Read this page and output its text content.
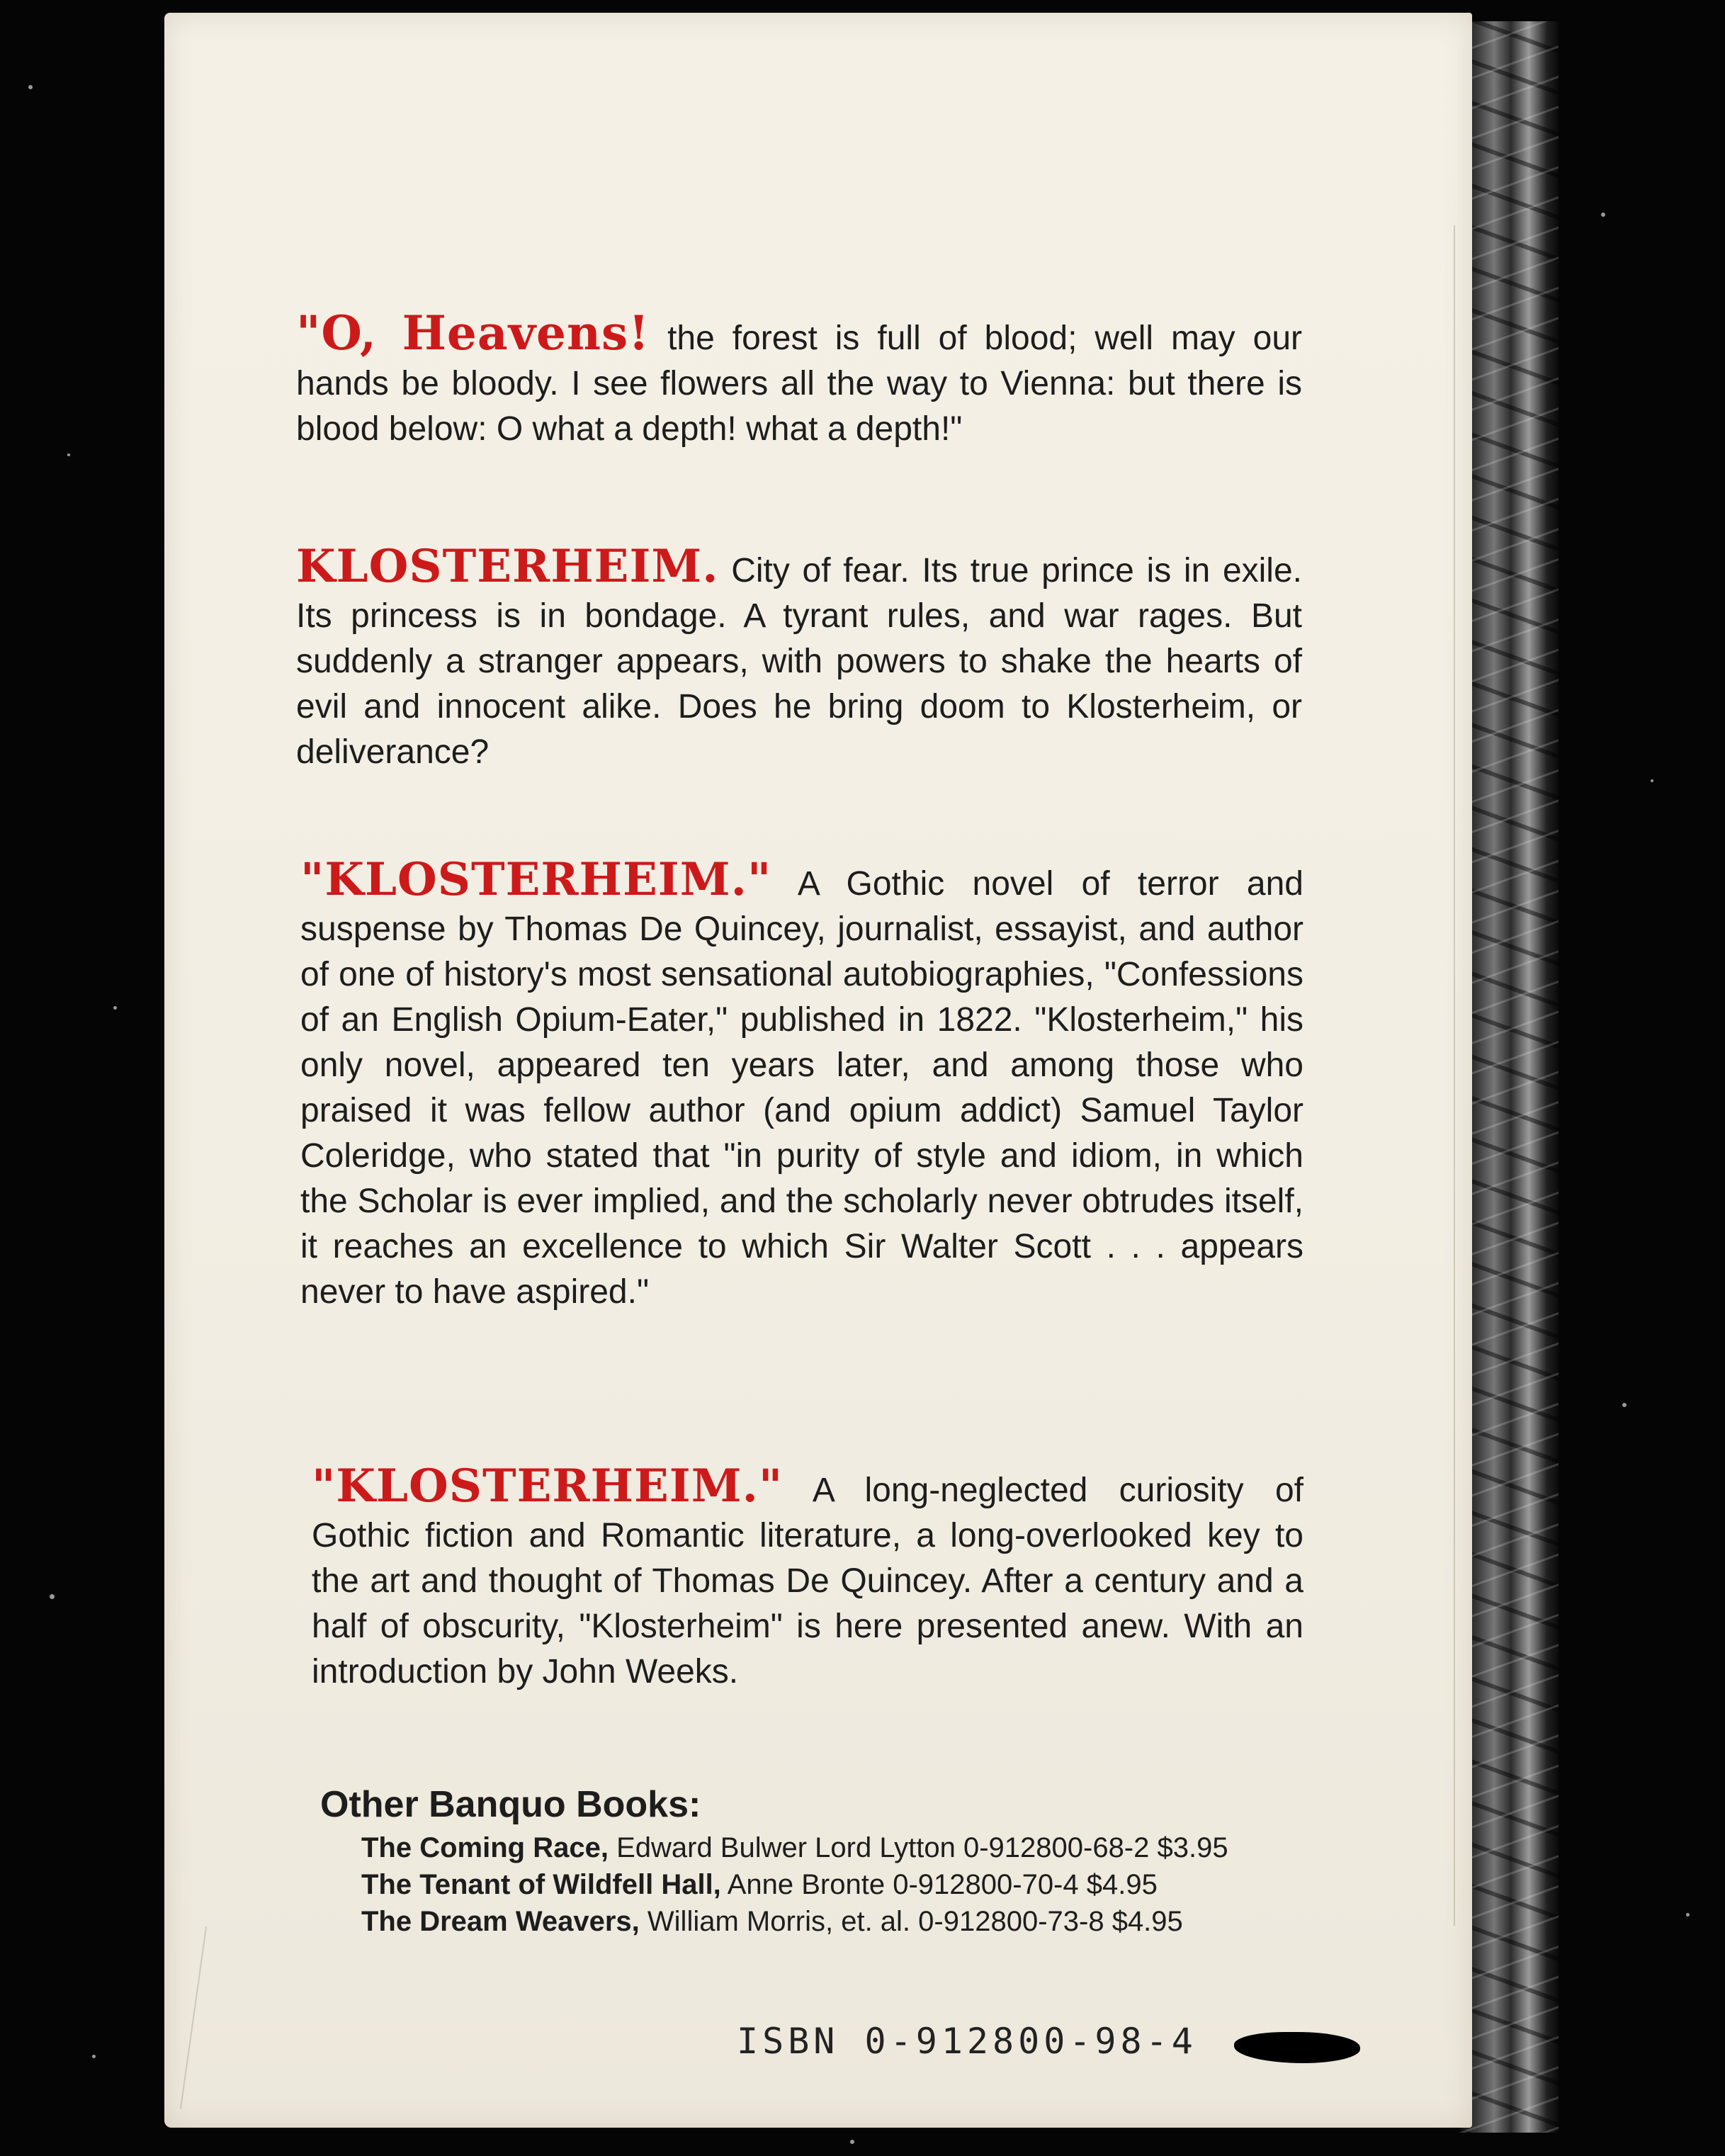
"O, Heavens! the forest is full of blood; well may our hands be bloody. I see flowers all the way to Vienna: but there is blood below: O what a depth! what a depth!"
KLOSTERHEIM. City of fear. Its true prince is in exile. Its princess is in bondage. A tyrant rules, and war rages. But suddenly a stranger appears, with powers to shake the hearts of evil and innocent alike. Does he bring doom to Klosterheim, or deliverance?
"KLOSTERHEIM." A Gothic novel of terror and suspense by Thomas De Quincey, journalist, essayist, and author of one of history's most sensational autobiographies, "Confessions of an English Opium-Eater," published in 1822. "Klosterheim," his only novel, appeared ten years later, and among those who praised it was fellow author (and opium addict) Samuel Taylor Coleridge, who stated that "in purity of style and idiom, in which the Scholar is ever implied, and the scholarly never obtrudes itself, it reaches an excellence to which Sir Walter Scott . . . appears never to have aspired."
"KLOSTERHEIM." A long-neglected curiosity of Gothic fiction and Romantic literature, a long-overlooked key to the art and thought of Thomas De Quincey. After a century and a half of obscurity, "Klosterheim" is here presented anew. With an introduction by John Weeks.
Other Banquo Books:
The Coming Race, Edward Bulwer Lord Lytton 0-912800-68-2 $3.95
The Tenant of Wildfell Hall, Anne Bronte 0-912800-70-4 $4.95
The Dream Weavers, William Morris, et. al. 0-912800-73-8 $4.95
ISBN 0-912800-98-4
